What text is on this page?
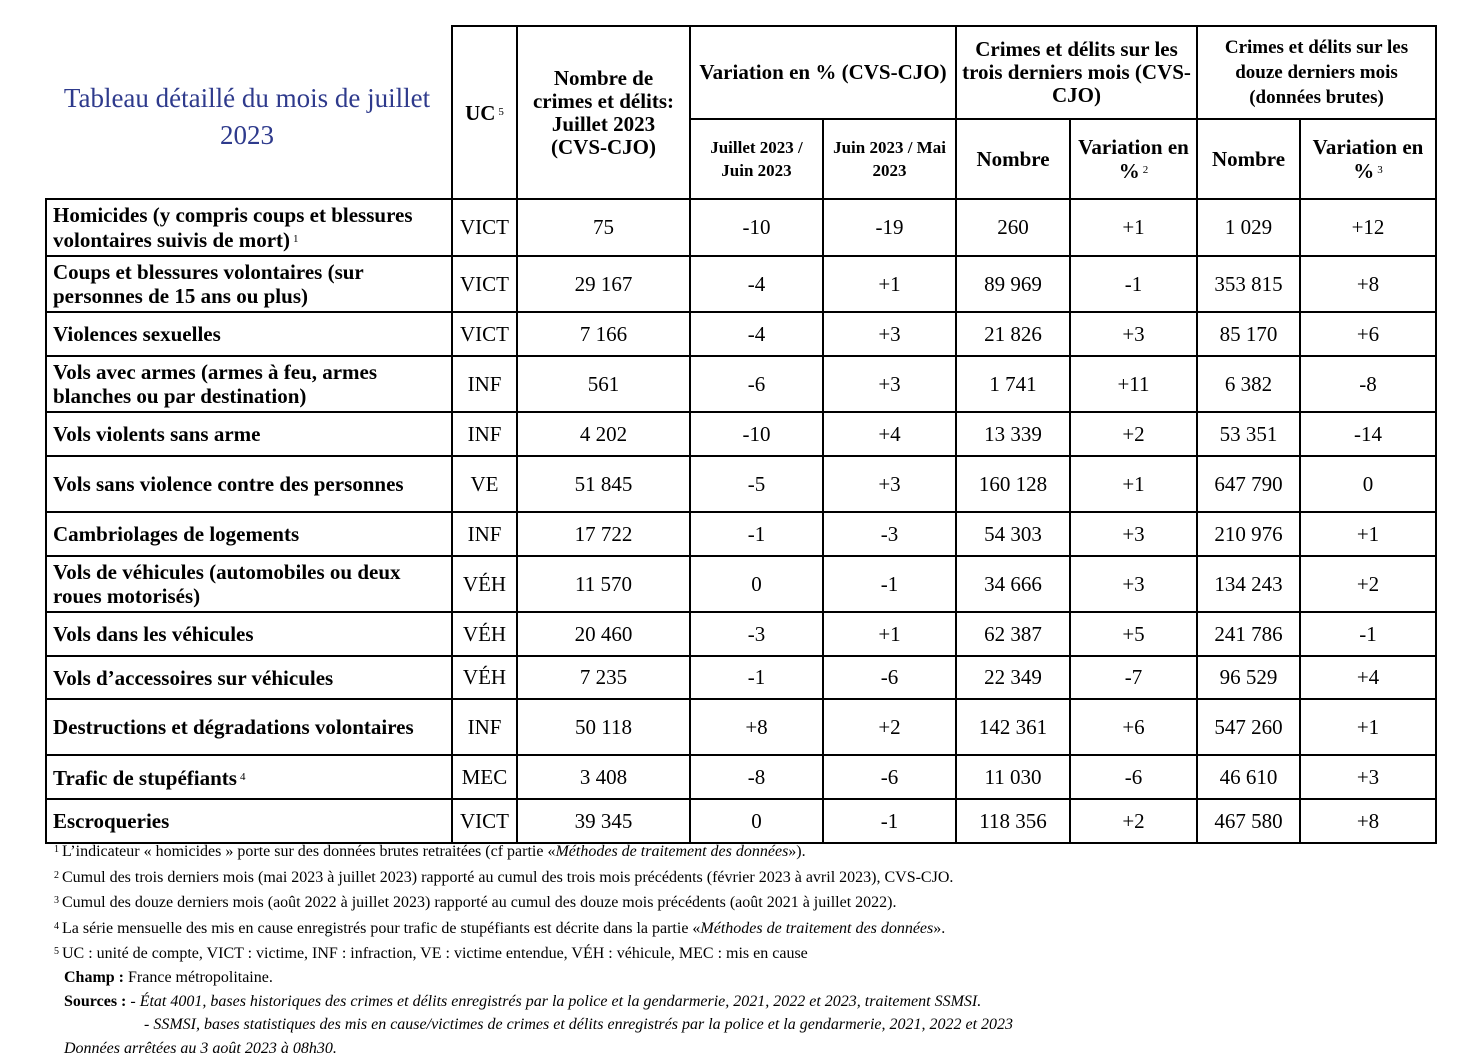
Tableau détaillé du mois de juillet 2023
	UC $^5$	Nombre de crimes et délits: Juillet 2023 (CVS-CJO)	Variation en % (CVS-CJO)		Crimes et délits sur les trois derniers mois (CVS-CJO)		Crimes et délits sur les douze derniers mois (données brutes)	
			Juillet 2023 / Juin 2023	Juin 2023 / Mai 2023	Nombre	Variation en % $^2$	Nombre	Variation en % $^3$
Homicides (y compris coups et blessures volontaires suivis de mort) $^1$	VICT	75	-10	-19	260	+1	1 029	+12
Coups et blessures volontaires (sur personnes de 15 ans ou plus)	VICT	29 167	-4	+1	89 969	-1	353 815	+8
Violences sexuelles	VICT	7 166	-4	+3	21 826	+3	85 170	+6
Vols avec armes (armes à feu, armes blanches ou par destination)	INF	561	-6	+3	1 741	+11	6 382	-8
Vols violents sans arme	INF	4 202	-10	+4	13 339	+2	53 351	-14
Vols sans violence contre des personnes	VE	51 845	-5	+3	160 128	+1	647 790	0
Cambriolages de logements	INF	17 722	-1	-3	54 303	+3	210 976	+1
Vols de véhicules (automobiles ou deux roues motorisés)	VÉH	11 570	0	-1	34 666	+3	134 243	+2
Vols dans les véhicules	VÉH	20 460	-3	+1	62 387	+5	241 786	-1
Vols d’accessoires sur véhicules	VÉH	7 235	-1	-6	22 349	-7	96 529	+4
Destructions et dégradations volontaires	INF	50 118	+8	+2	142 361	+6	547 260	+1
Trafic de stupéfiants $^4$	MEC	3 408	-8	-6	11 030	-6	46 610	+3
Escroqueries	VICT	39 345	0	-1	118 356	+2	467 580	+8
$^1$ L’indicateur « homicides » porte sur des données brutes retraitées (cf partie «Méthodes de traitement des données»).
$^2$ Cumul des trois derniers mois (mai 2023 à juillet 2023) rapporté au cumul des trois mois précédents (février 2023 à avril 2023), CVS-CJO.
$^3$ Cumul des douze derniers mois (août 2022 à juillet 2023) rapporté au cumul des douze mois précédents (août 2021 à juillet 2022).
$^4$ La série mensuelle des mis en cause enregistrés pour trafic de stupéfiants est décrite dans la partie «Méthodes de traitement des données».
$^5$ UC : unité de compte, VICT : victime, INF : infraction, VE : victime entendue, VÉH : véhicule, MEC : mis en cause
Champ : France métropolitaine.
Sources : - État 4001, bases historiques des crimes et délits enregistrés par la police et la gendarmerie, 2021, 2022 et 2023, traitement SSMSI.
- SSMSI, bases statistiques des mis en cause/victimes de crimes et délits enregistrés par la police et la gendarmerie, 2021, 2022 et 2023
Données arrêtées au 3 août 2023 à 08h30.
